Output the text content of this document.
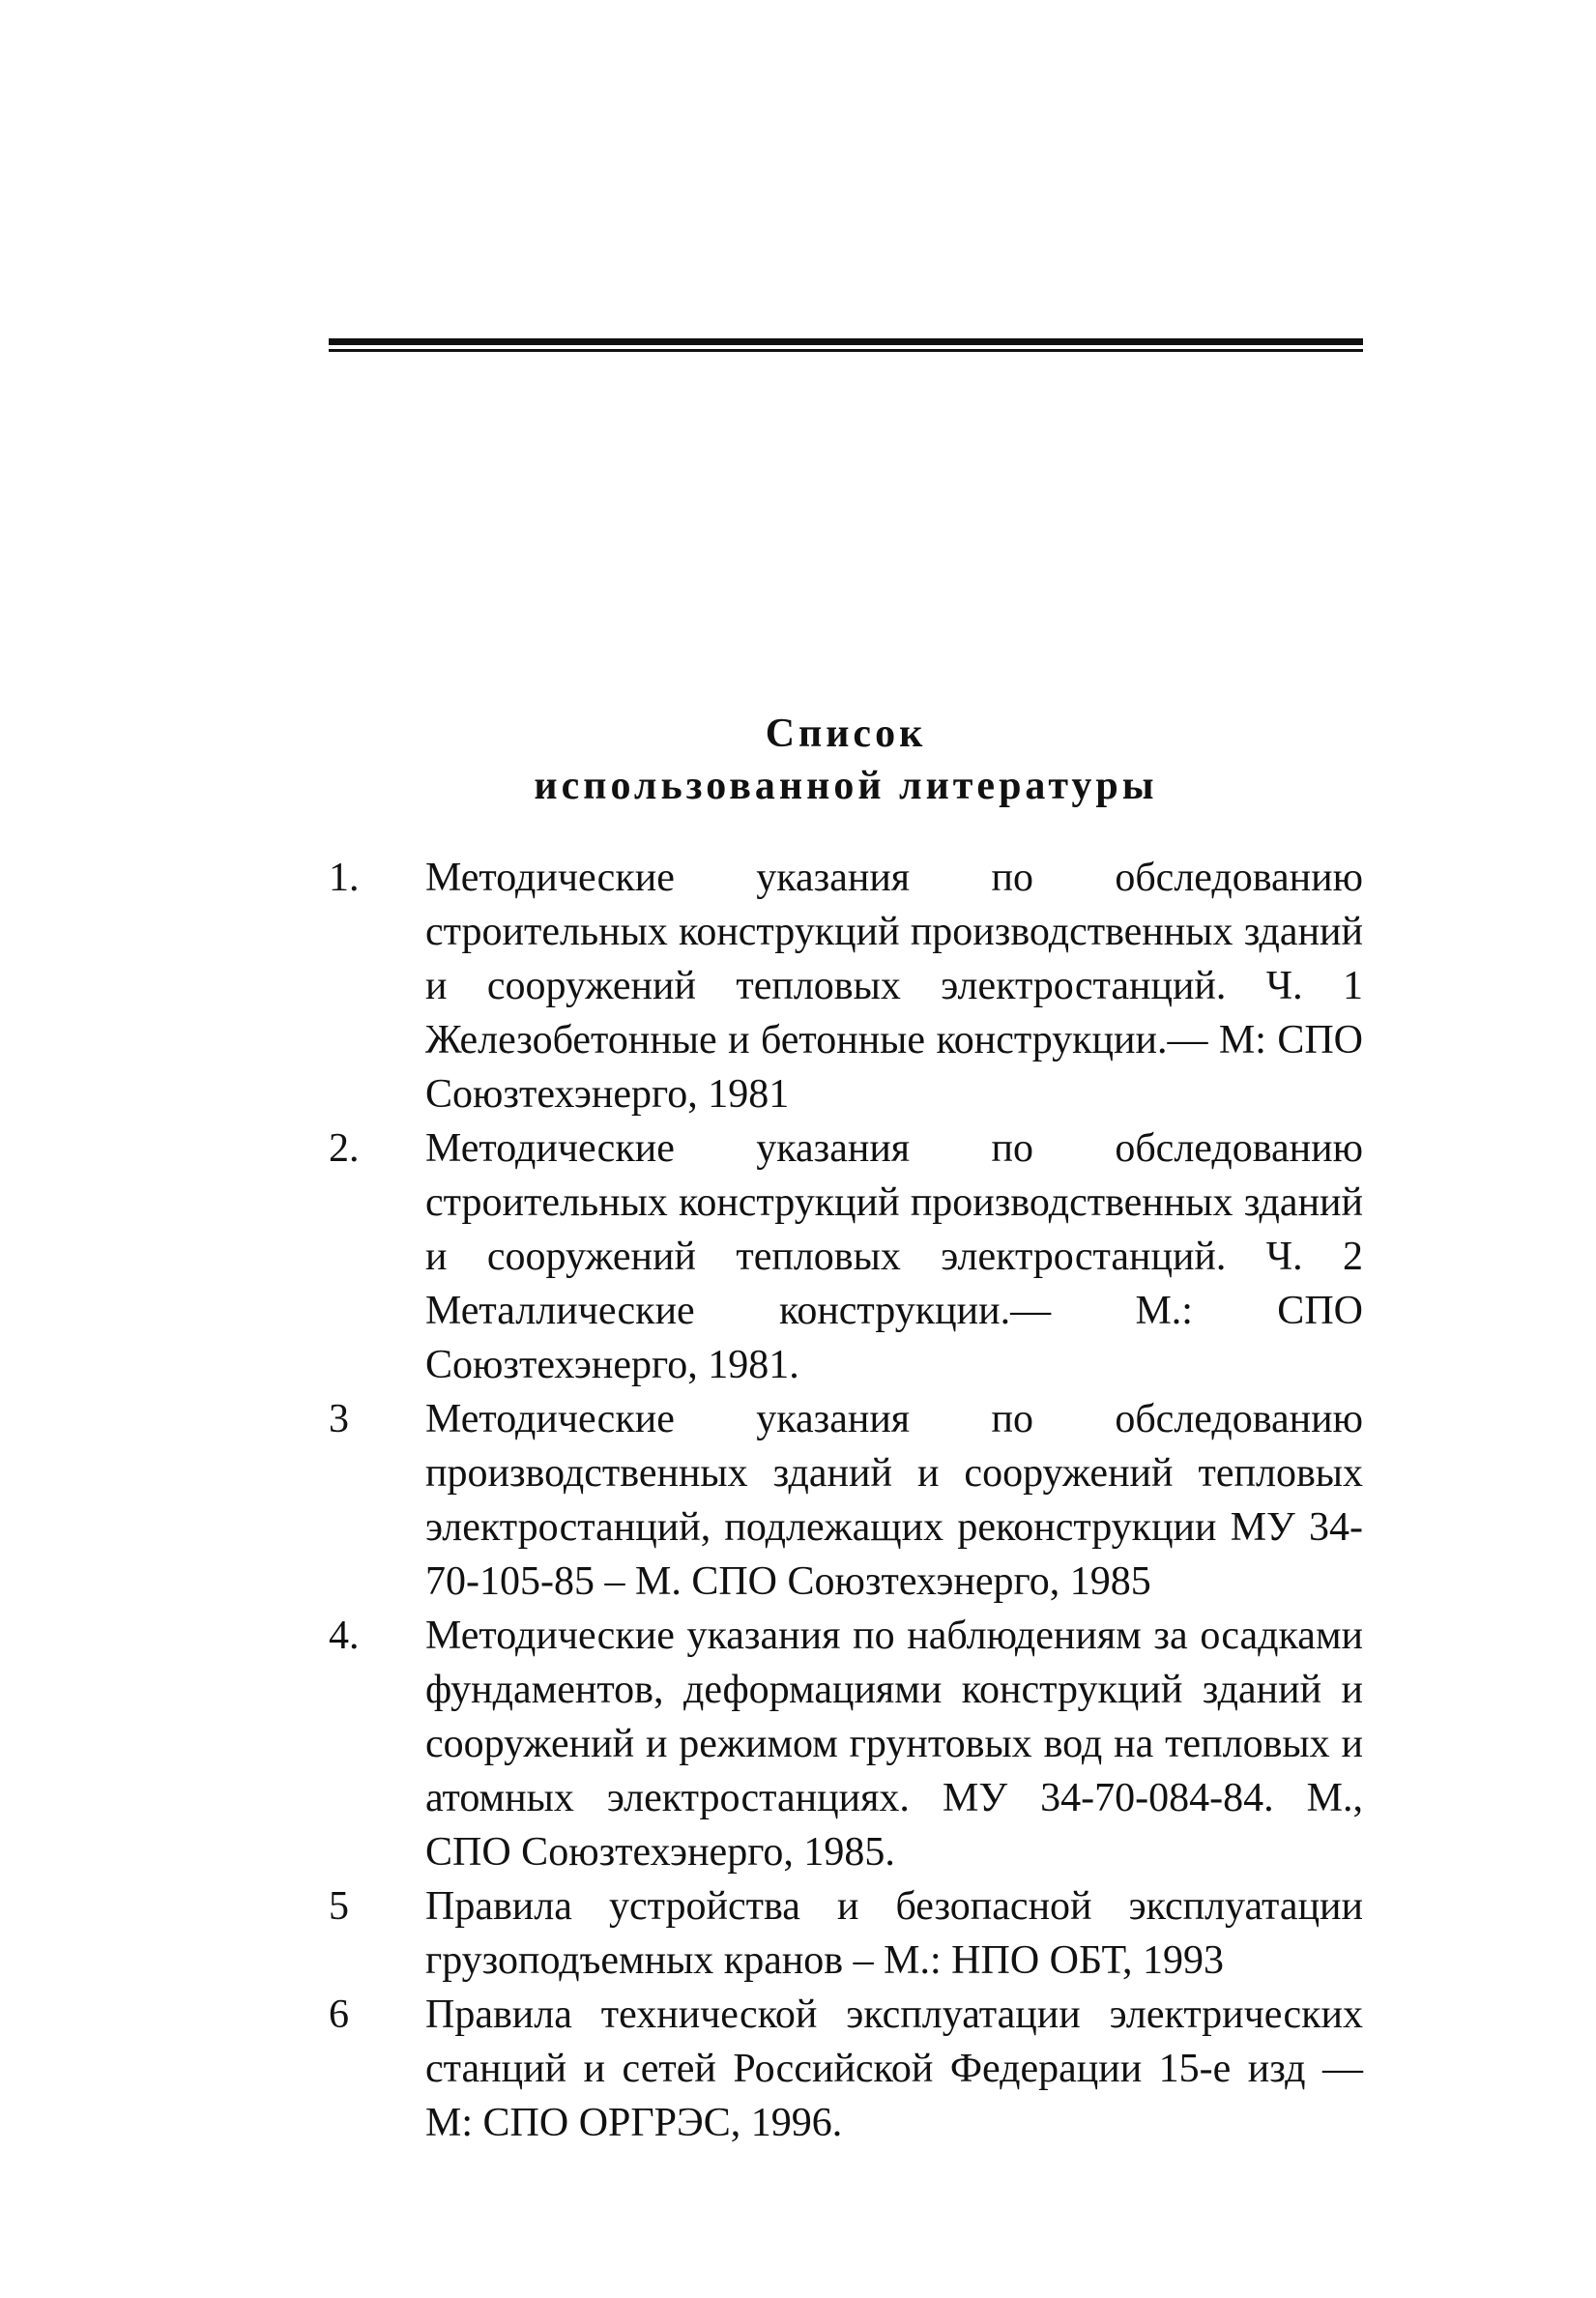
Список
использованной литературы
1.	Методические указания по обследованию строительных конструкций производственных зданий и сооружений тепловых электростанций. Ч. 1 Железобетонные и бетонные конструкции.— М: СПО Союзтехэнерго, 1981
2.	Методические указания по обследованию строительных конструкций производственных зданий и сооружений тепловых электростанций. Ч. 2 Металлические конструкции.— М.: СПО Союзтехэнерго, 1981.
3	Методические указания по обследованию производственных зданий и сооружений тепловых электростанций, подлежащих реконструкции МУ 34-70-105-85 – М. СПО Союзтехэнерго, 1985
4.	Методические указания по наблюдениям за осадками фундаментов, деформациями конструкций зданий и сооружений и режимом грунтовых вод на тепловых и атомных электростанциях. МУ 34-70-084-84. М., СПО Союзтехэнерго, 1985.
5	Правила устройства и безопасной эксплуатации грузоподъемных кранов – М.: НПО ОБТ, 1993
6	Правила технической эксплуатации электрических станций и сетей Российской Федерации 15-е изд — М: СПО ОРГРЭС, 1996.
